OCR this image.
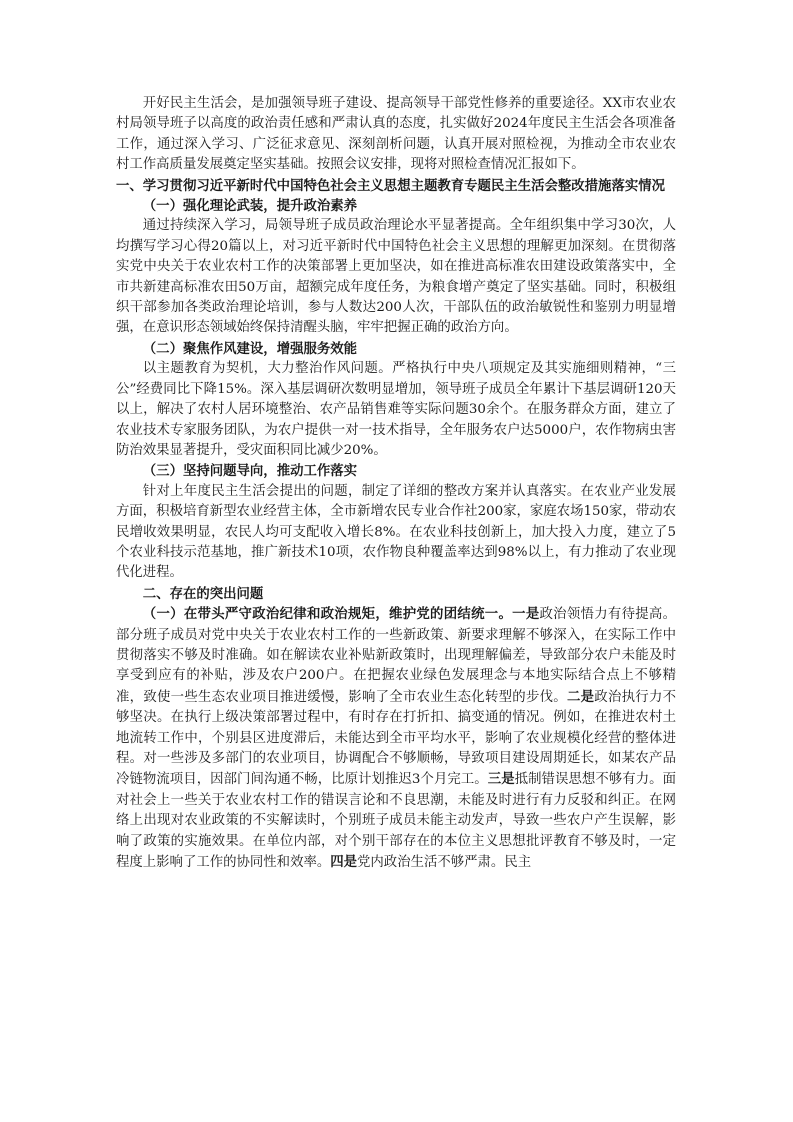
开好民主生活会，是加强领导班子建设、提高领导干部党性修养的重要途径。XX市农业农村局领导班子以高度的政治责任感和严肃认真的态度，扎实做好2024年度民主生活会各项准备工作，通过深入学习、广泛征求意见、深刻剖析问题，认真开展对照检视，为推动全市农业农村工作高质量发展奠定坚实基础。按照会议安排，现将对照检查情况汇报如下。

一、学习贯彻习近平新时代中国特色社会主义思想主题教育专题民主生活会整改措施落实情况

（一）强化理论武装，提升政治素养

通过持续深入学习，局领导班子成员政治理论水平显著提高。全年组织集中学习30次，人均撰写学习心得20篇以上，对习近平新时代中国特色社会主义思想的理解更加深刻。在贯彻落实党中央关于农业农村工作的决策部署上更加坚决，如在推进高标准农田建设政策落实中，全市共新建高标准农田50万亩，超额完成年度任务，为粮食增产奠定了坚实基础。同时，积极组织干部参加各类政治理论培训，参与人数达200人次，干部队伍的政治敏锐性和鉴别力明显增强，在意识形态领域始终保持清醒头脑，牢牢把握正确的政治方向。

（二）聚焦作风建设，增强服务效能

以主题教育为契机，大力整治作风问题。严格执行中央八项规定及其实施细则精神，“三公”经费同比下降15%。深入基层调研次数明显增加，领导班子成员全年累计下基层调研120天以上，解决了农村人居环境整治、农产品销售难等实际问题30余个。在服务群众方面，建立了农业技术专家服务团队，为农户提供一对一技术指导，全年服务农户达5000户，农作物病虫害防治效果显著提升，受灾面积同比减少20%。

（三）坚持问题导向，推动工作落实

针对上年度民主生活会提出的问题，制定了详细的整改方案并认真落实。在农业产业发展方面，积极培育新型农业经营主体，全市新增农民专业合作社200家，家庭农场150家，带动农民增收效果明显，农民人均可支配收入增长8%。在农业科技创新上，加大投入力度，建立了5个农业科技示范基地，推广新技术10项，农作物良种覆盖率达到98%以上，有力推动了农业现代化进程。

二、存在的突出问题

（一）在带头严守政治纪律和政治规矩，维护党的团结统一。一是政治领悟力有待提高。部分班子成员对党中央关于农业农村工作的一些新政策、新要求理解不够深入，在实际工作中贯彻落实不够及时准确。如在解读农业补贴新政策时，出现理解偏差，导致部分农户未能及时享受到应有的补贴，涉及农户200户。在把握农业绿色发展理念与本地实际结合点上不够精准，致使一些生态农业项目推进缓慢，影响了全市农业生态化转型的步伐。二是政治执行力不够坚决。在执行上级决策部署过程中，有时存在打折扣、搞变通的情况。例如，在推进农村土地流转工作中，个别县区进度滞后，未能达到全市平均水平，影响了农业规模化经营的整体进程。对一些涉及多部门的农业项目，协调配合不够顺畅，导致项目建设周期延长，如某农产品冷链物流项目，因部门间沟通不畅，比原计划推迟3个月完工。三是抵制错误思想不够有力。面对社会上一些关于农业农村工作的错误言论和不良思潮，未能及时进行有力反驳和纠正。在网络上出现对农业政策的不实解读时，个别班子成员未能主动发声，导致一些农户产生误解，影响了政策的实施效果。在单位内部，对个别干部存在的本位主义思想批评教育不够及时，一定程度上影响了工作的协同性和效率。四是党内政治生活不够严肃。民主
